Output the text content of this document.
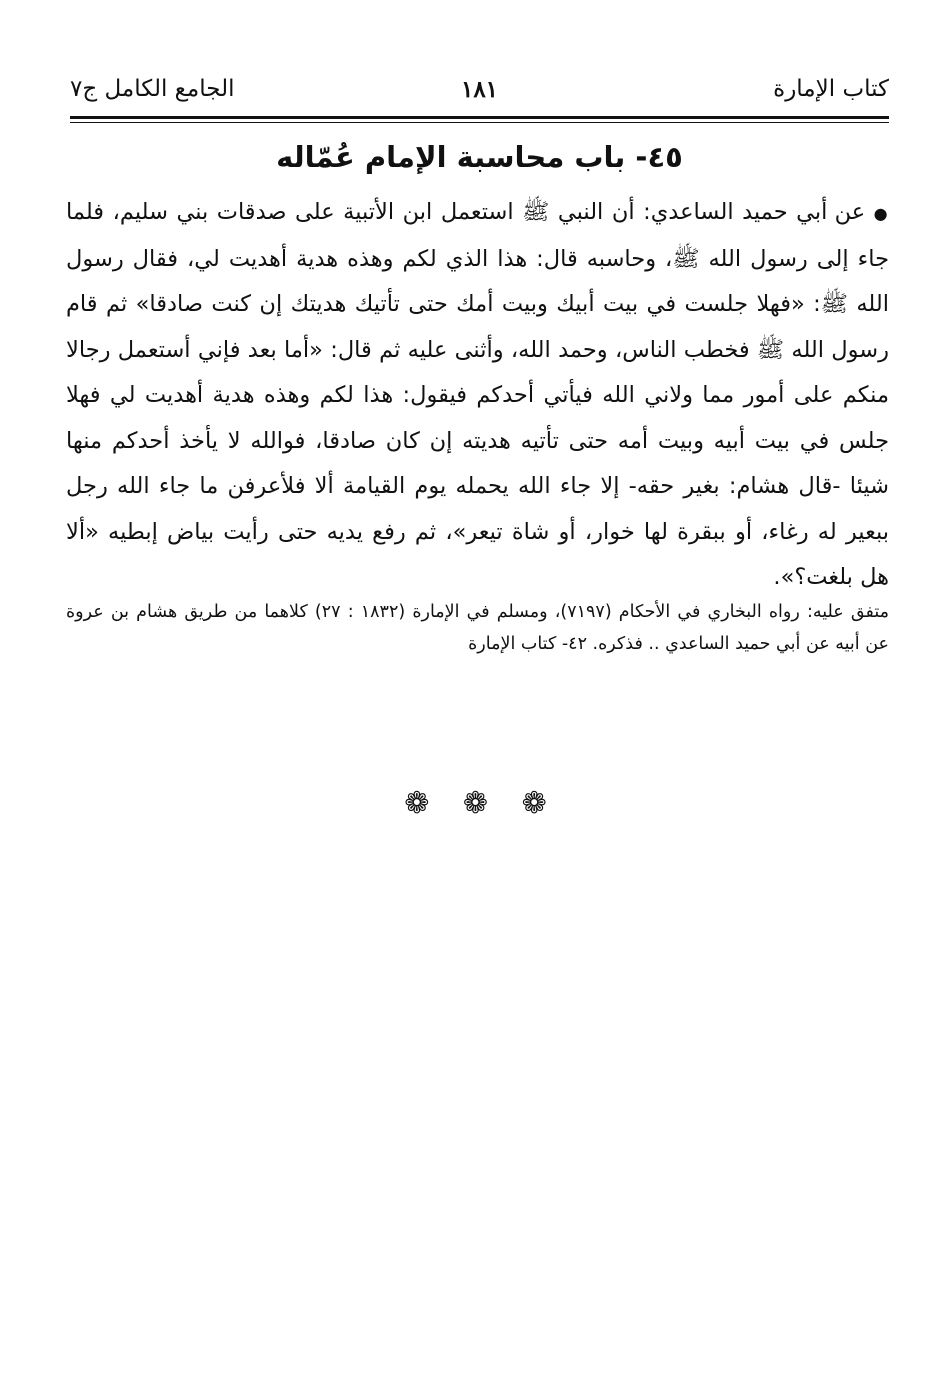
كتاب الإمارة
١٨١
الجامع الكامل ج٧
٤٥- باب محاسبة الإمام عُمّاله
● عن أبي حميد الساعدي: أن النبي ﷺ استعمل ابن الأتبية على صدقات بني سليم، فلما جاء إلى رسول الله ﷺ، وحاسبه قال: هذا الذي لكم وهذه هدية أهديت لي، فقال رسول الله ﷺ: «فهلا جلست في بيت أبيك وبيت أمك حتى تأتيك هديتك إن كنت صادقا» ثم قام رسول الله ﷺ فخطب الناس، وحمد الله، وأثنى عليه ثم قال: «أما بعد فإني أستعمل رجالا منكم على أمور مما ولاني الله فيأتي أحدكم فيقول: هذا لكم وهذه هدية أهديت لي فهلا جلس في بيت أبيه وبيت أمه حتى تأتيه هديته إن كان صادقا، فوالله لا يأخذ أحدكم منها شيئا -قال هشام: بغير حقه- إلا جاء الله يحمله يوم القيامة ألا فلأعرفن ما جاء الله رجل ببعير له رغاء، أو ببقرة لها خوار، أو شاة تيعر»، ثم رفع يديه حتى رأيت بياض إبطيه «ألا هل بلغت؟».
متفق عليه: رواه البخاري في الأحكام (٧١٩٧)، ومسلم في الإمارة (١٨٣٢ : ٢٧) كلاهما من طريق هشام بن عروة عن أبيه عن أبي حميد الساعدي .. فذكره. ٤٢- كتاب الإمارة
❁ ❁ ❁
